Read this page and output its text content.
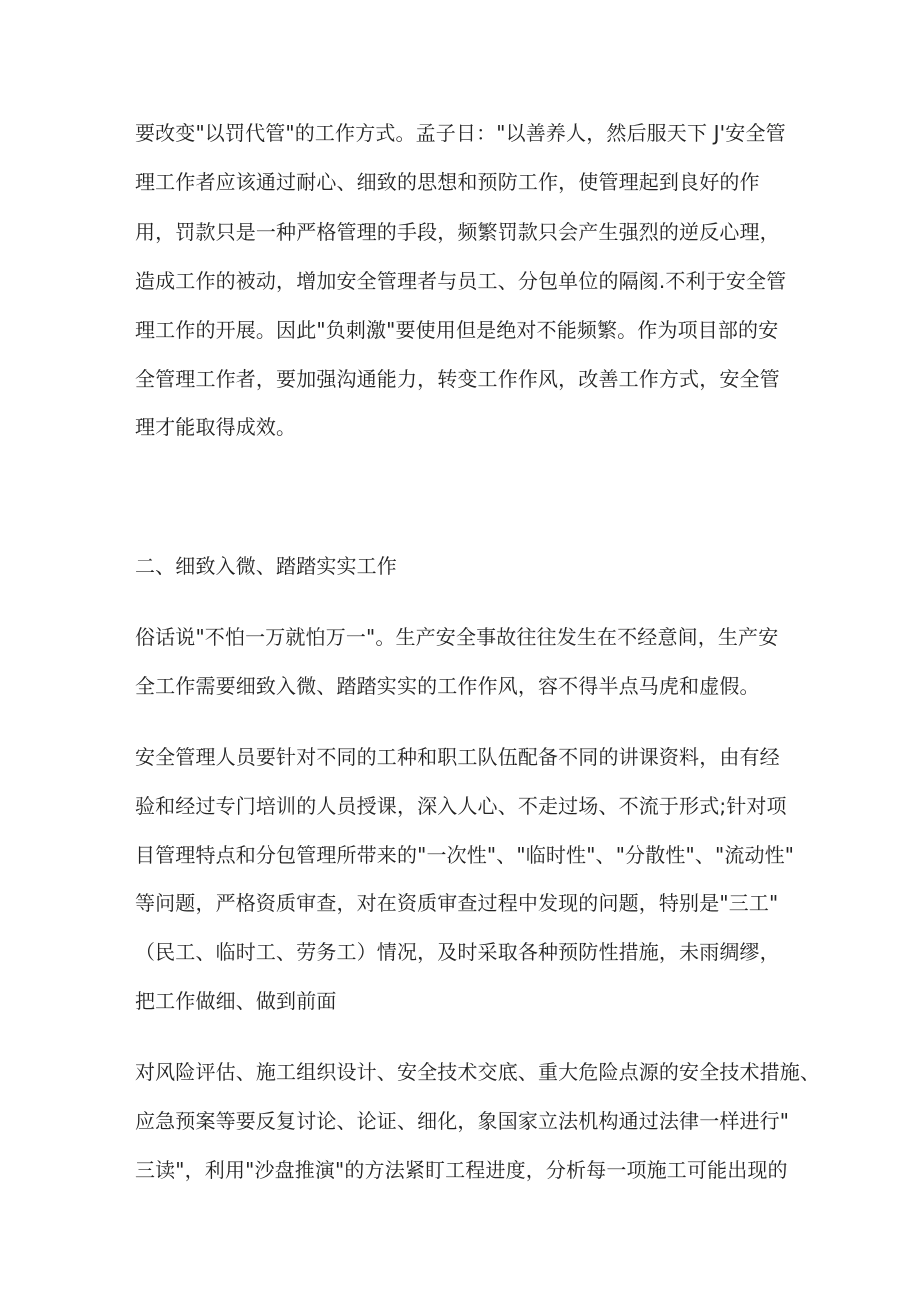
要改变"以罚代管"的工作方式。孟子日："以善养人，然后服天下 J'安全管

理工作者应该通过耐心、细致的思想和预防工作，使管理起到良好的作

用，罚款只是一种严格管理的手段，频繁罚款只会产生强烈的逆反心理，

造成工作的被动，增加安全管理者与员工、分包单位的隔阂.不利于安全管

理工作的开展。因此"负刺激"要使用但是绝对不能频繁。作为项目部的安

全管理工作者，要加强沟通能力，转变工作作风，改善工作方式，安全管

理才能取得成效。

二、细致入微、踏踏实实工作

俗话说"不怕一万就怕万一"。生产安全事故往往发生在不经意间，生产安

全工作需要细致入微、踏踏实实的工作作风，容不得半点马虎和虚假。

安全管理人员要针对不同的工种和职工队伍配备不同的讲课资料，由有经

验和经过专门培训的人员授课，深入人心、不走过场、不流于形式;针对项

目管理特点和分包管理所带来的"一次性"、"临时性"、"分散性"、"流动性"

等问题，严格资质审查，对在资质审查过程中发现的问题，特别是"三工"

（民工、临时工、劳务工）情况，及时采取各种预防性措施，未雨绸缪，

把工作做细、做到前面

对风险评估、施工组织设计、安全技术交底、重大危险点源的安全技术措施、

应急预案等要反复讨论、论证、细化，象国家立法机构通过法律一样进行"

三读"，利用"沙盘推演"的方法紧盯工程进度，分析每一项施工可能出现的
